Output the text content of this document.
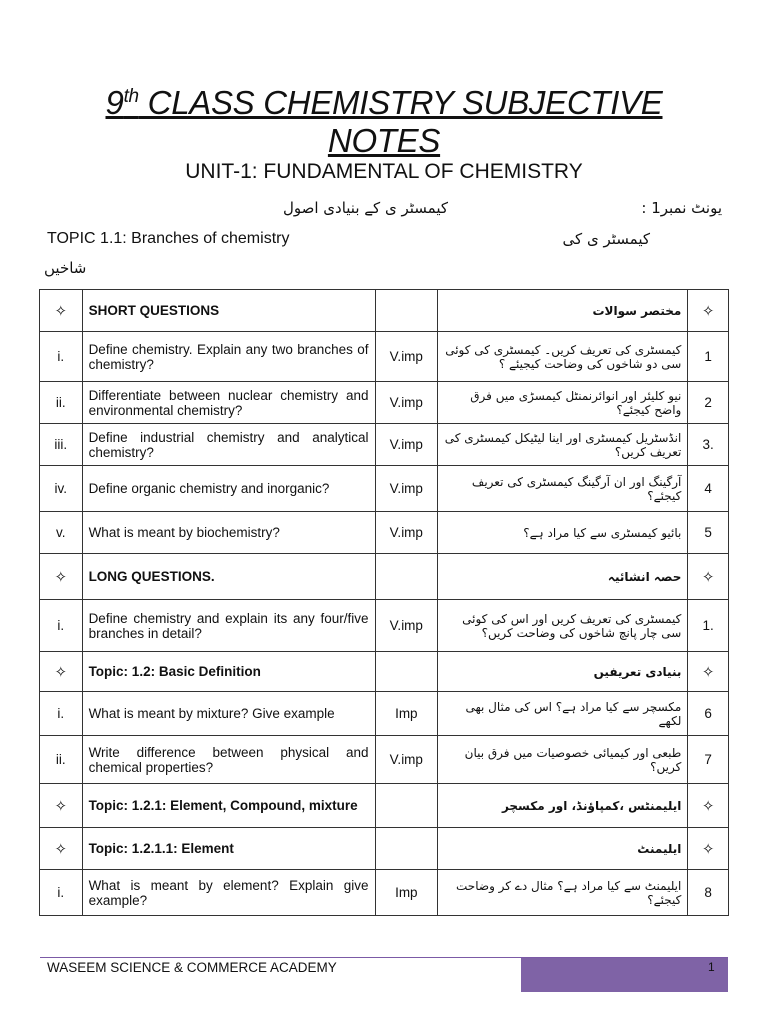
9th CLASS CHEMISTRY SUBJECTIVE
NOTES
UNIT-1: FUNDAMENTAL OF CHEMISTRY
یونٹ نمبر1 :
کیمسٹر ی کے بنیادی اصول
TOPIC 1.1: Branches of chemistry	کیمسٹر ی کی
شاخیں
✧	SHORT QUESTIONS		مختصر سوالات	✧
i.	Define chemistry. Explain any two branches of chemistry?	V.imp	کیمسٹری کی تعریف کریں۔ کیمسٹری کی کوئی سی دو شاخوں کی وضاحت کیجیئے ؟	1
ii.	Differentiate between nuclear chemistry and environmental chemistry?	V.imp	نیو کلیئر اور انوائرنمنٹل کیمسڑی میں فرق واضح کیجئے؟	2
iii.	Define industrial chemistry and analytical chemistry?	V.imp	انڈسٹریل کیمسٹری اور اینا لیٹیکل کیمسٹری کی تعریف کریں؟	3.
iv.	Define organic chemistry and inorganic?	V.imp	آرگینگ اور ان آرگینگ کیمسٹری کی تعریف کیجئے؟	4
v.	What is meant by biochemistry?	V.imp	بائیو کیمسٹری سے کیا مراد ہے؟	5
✧	LONG QUESTIONS.		حصہ انشائیہ	✧
i.	Define chemistry and explain its any four/five branches in detail?	V.imp	کیمسٹری کی تعریف کریں اور اس کی کوئی سی چار پانچ شاخوں کی وضاحت کریں؟	1.
✧	Topic: 1.2: Basic Definition		بنیادی تعریفیں	✧
i.	What is meant by mixture? Give example	Imp	مکسچر سے کیا مراد ہے؟ اس کی مثال بھی لکھے	6
ii.	Write difference between physical and chemical properties?	V.imp	طبعی اور کیمیائی خصوصیات میں فرق بیان کریں؟	7
✧	Topic: 1.2.1: Element, Compound, mixture		ایلیمنٹس ،کمپاؤنڈ، اور مکسچر	✧
✧	Topic: 1.2.1.1: Element		ایلیمنٹ	✧
i.	What is meant by element? Explain give example?	Imp	ایلیمنٹ سے کیا مراد ہے؟ مثال دے کر وضاحت کیجئے؟	8
WASEEM SCIENCE & COMMERCE ACADEMY	1
